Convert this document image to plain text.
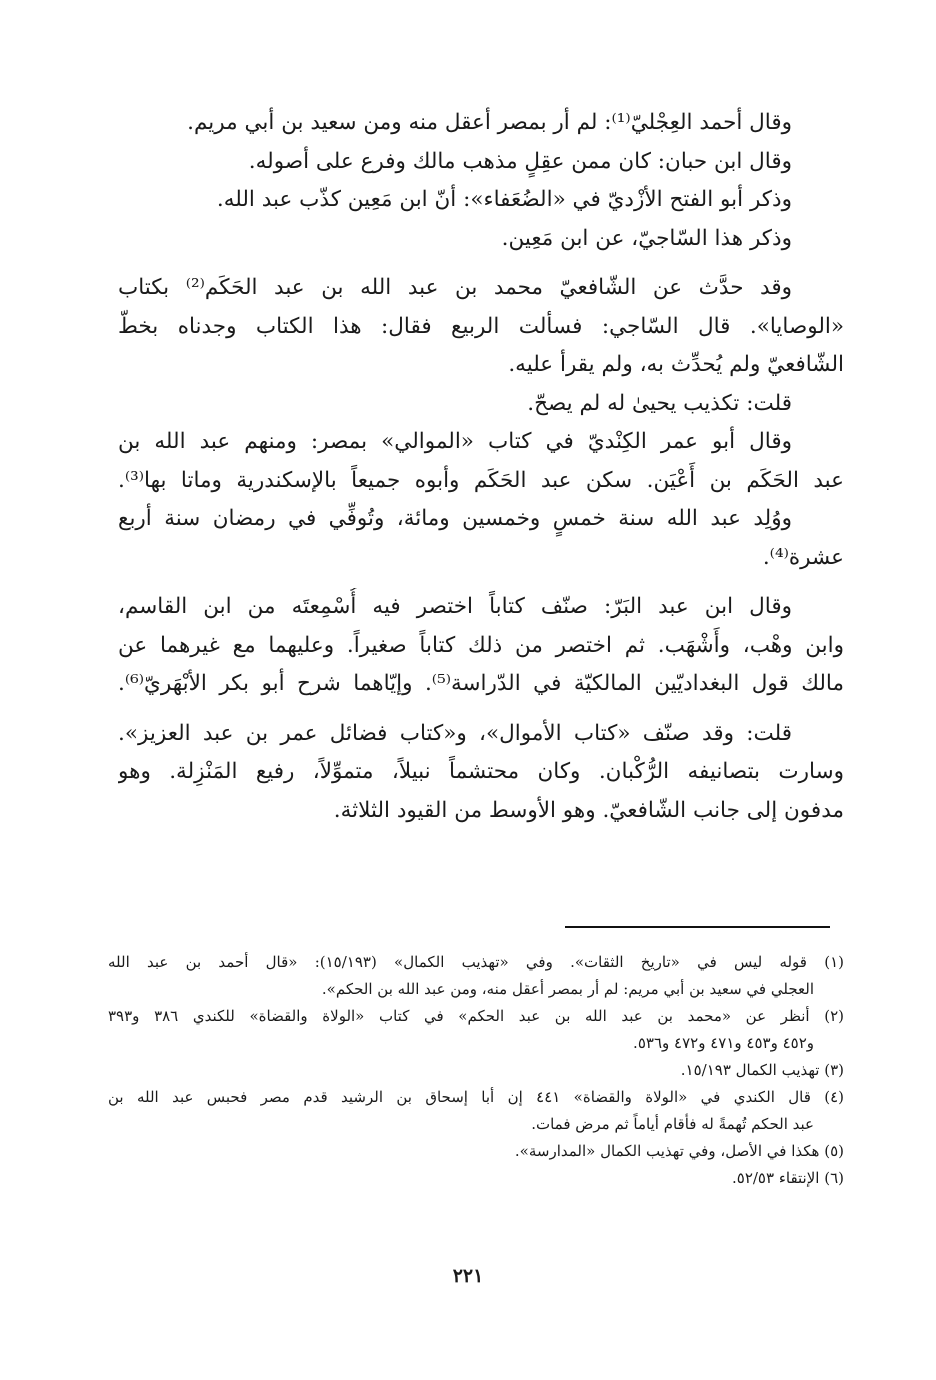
وقال أحمد العِجْليّ⁽¹⁾: لم أر بمصر أعقل منه ومن سعيد بن أبي مريم.
وقال ابن حبان: كان ممن عقِلٍ مذهب مالك وفرع على أصوله.
وذكر أبو الفتح الأزْديّ في «الضُعَفاء»: أنّ ابن مَعِين كذّب عبد الله.
وذكر هذا السّاجيّ، عن ابن مَعِين.
وقد حدَّث عن الشّافعيّ محمد بن عبد الله بن عبد الحَكَم⁽²⁾ بكتاب
«الوصايا». قال السّاجي: فسألت الربيع فقال: هذا الكتاب وجدناه بخطّ
الشّافعيّ ولم يُحدِّث به، ولم يقرأ عليه.
قلت: تكذيب يحيىٰ له لم يصحّ.
وقال أبو عمر الكِنْديّ في كتاب «الموالي» بمصر: ومنهم عبد الله بن
عبد الحَكَم بن أَعْيَن. سكن عبد الحَكَم وأبوه جميعاً بالإسكندرية وماتا بها⁽³⁾.
ووُلِد عبد الله سنة خمسٍ وخمسين ومائة، وتُوفِّي في رمضان سنة أربع
عشرة⁽⁴⁾.
وقال ابن عبد البَرّ: صنّف كتاباً اختصر فيه أُسْمِعتَه من ابن القاسم،
وابن وهْب، وأَشْهَب. ثم اختصر من ذلك كتاباً صغيراً. وعليهما مع غيرهما عن
مالك قول البغداديّين المالكيّة في الدّراسة⁽⁵⁾. وإيّاهما شرح أبو بكر الأبْهَريّ⁽⁶⁾.
قلت: وقد صنّف «كتاب الأموال»، و«كتاب فضائل عمر بن عبد العزيز».
وسارت بتصانيفه الرُّكْبان. وكان محتشماً نبيلاً، متموِّلاً، رفيع المَنْزِلة. وهو
مدفون إلى جانب الشّافعيّ. وهو الأوسط من القيود الثلاثة.
(١) قوله ليس في «تاريخ الثقات». وفي «تهذيب الكمال» (١٥/١٩٣): «قال أحمد بن عبد الله
العجلي في سعيد بن أبي مريم: لم أر بمصر أعقل منه، ومن عبد الله بن الحكم».
(٢) أنظر عن «محمد بن عبد الله بن عبد الحكم» في كتاب «الولاة والقضاة» للكندي ٣٨٦ و٣٩٣
و٤٥٢ و٤٥٣ و٤٧١ و٤٧٢ و٥٣٦.
(٣) تهذيب الكمال ١٥/١٩٣.
(٤) قال الكندي في «الولاة والقضاة» ٤٤١ إن أبا إسحاق بن الرشيد قدم مصر فحبس عبد الله بن
عبد الحكم تُهمةً له فأقام أياماً ثم مرض فمات.
(٥) هكذا في الأصل، وفي تهذيب الكمال «المدارسة».
(٦) الإنتقاء ٥٢/٥٣.
٢٢١
